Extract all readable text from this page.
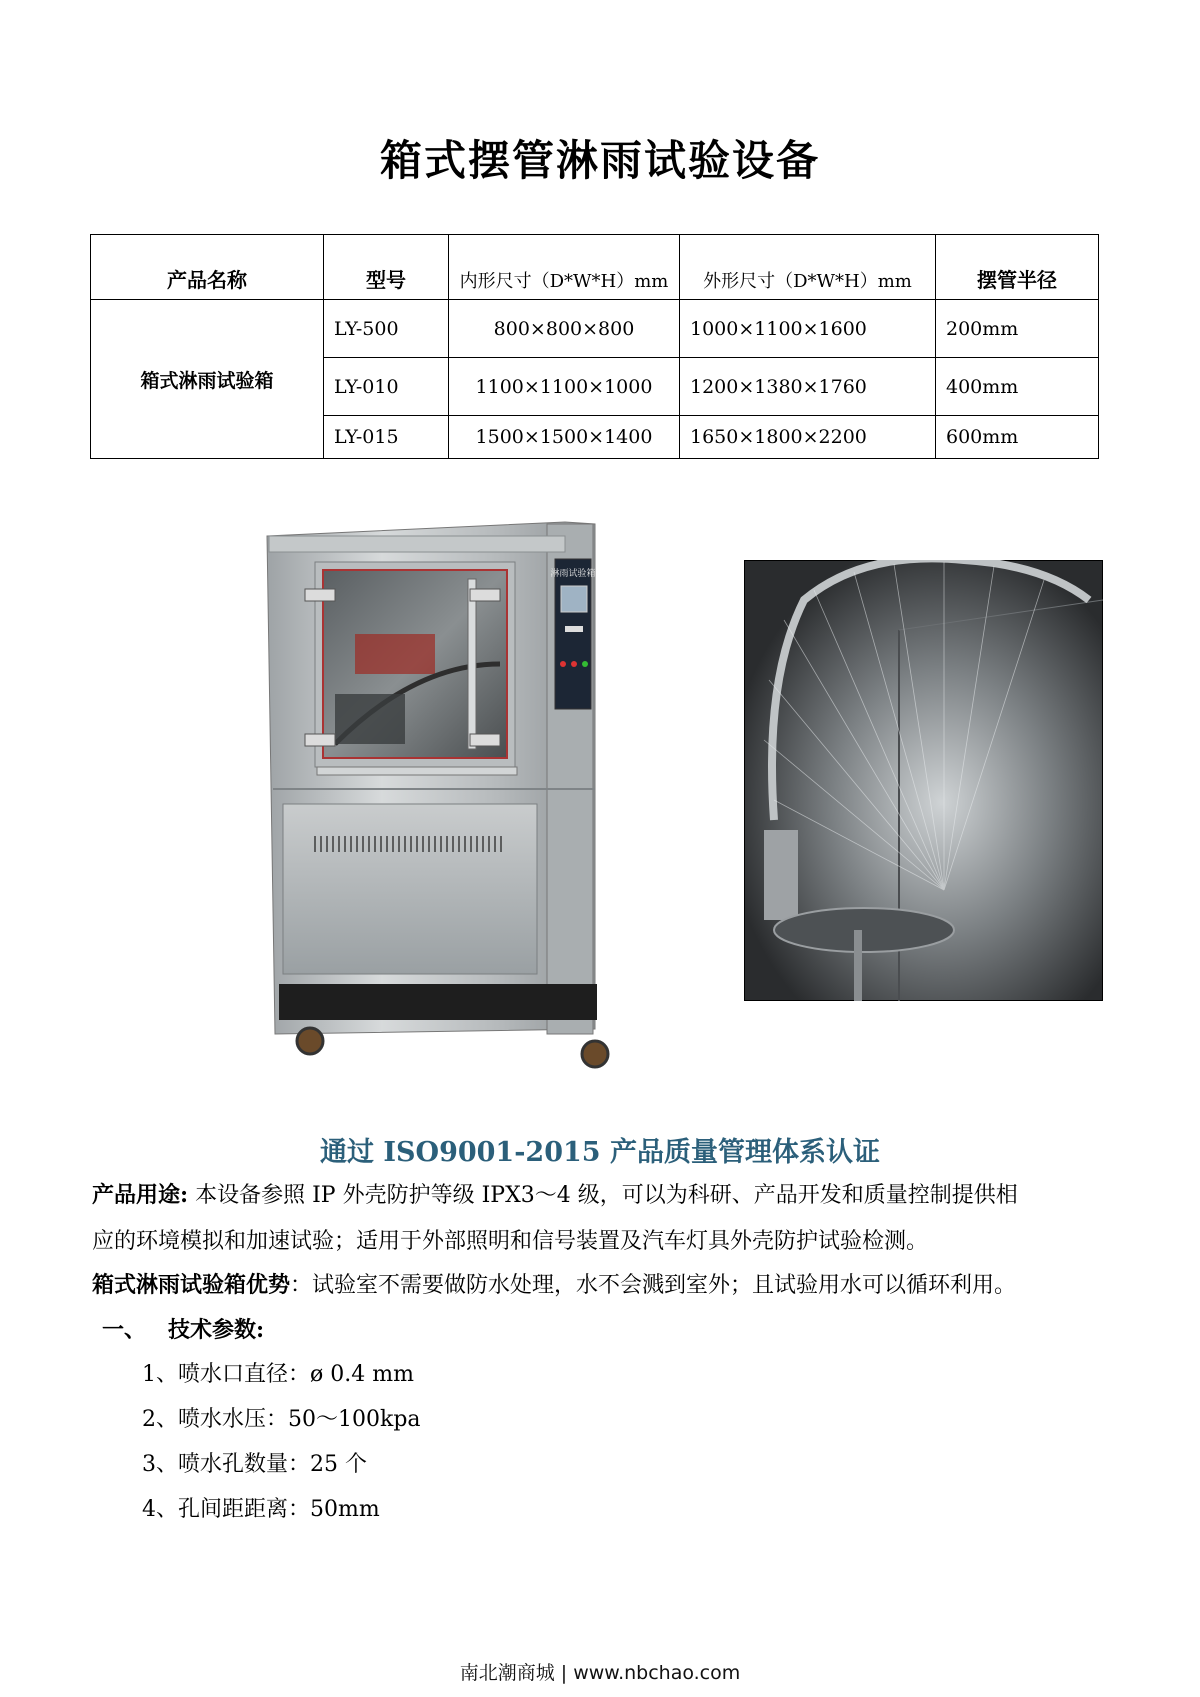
箱式摆管淋雨试验设备
产品名称	型号	内形尺寸（D*W*H）mm	外形尺寸（D*W*H）mm	摆管半径
箱式淋雨试验箱	LY-500	800×800×800	1000×1100×1600	200mm
	LY-010	1100×1100×1000	1200×1380×1760	400mm
	LY-015	1500×1500×1400	1650×1800×2200	600mm
淋雨试验箱
通过 ISO9001-2015 产品质量管理体系认证
产品用途: 本设备参照 IP 外壳防护等级 IPX3～4 级，可以为科研、产品开发和质量控制提供相
应的环境模拟和加速试验；适用于外部照明和信号装置及汽车灯具外壳防护试验检测。
箱式淋雨试验箱优势：试验室不需要做防水处理，水不会溅到室外；且试验用水可以循环利用。
一、 技术参数:
1、喷水口直径：ø 0.4 mm
2、喷水水压：50～100kpa
3、喷水孔数量：25 个
4、孔间距距离：50mm
南北潮商城 | www.nbchao.com
